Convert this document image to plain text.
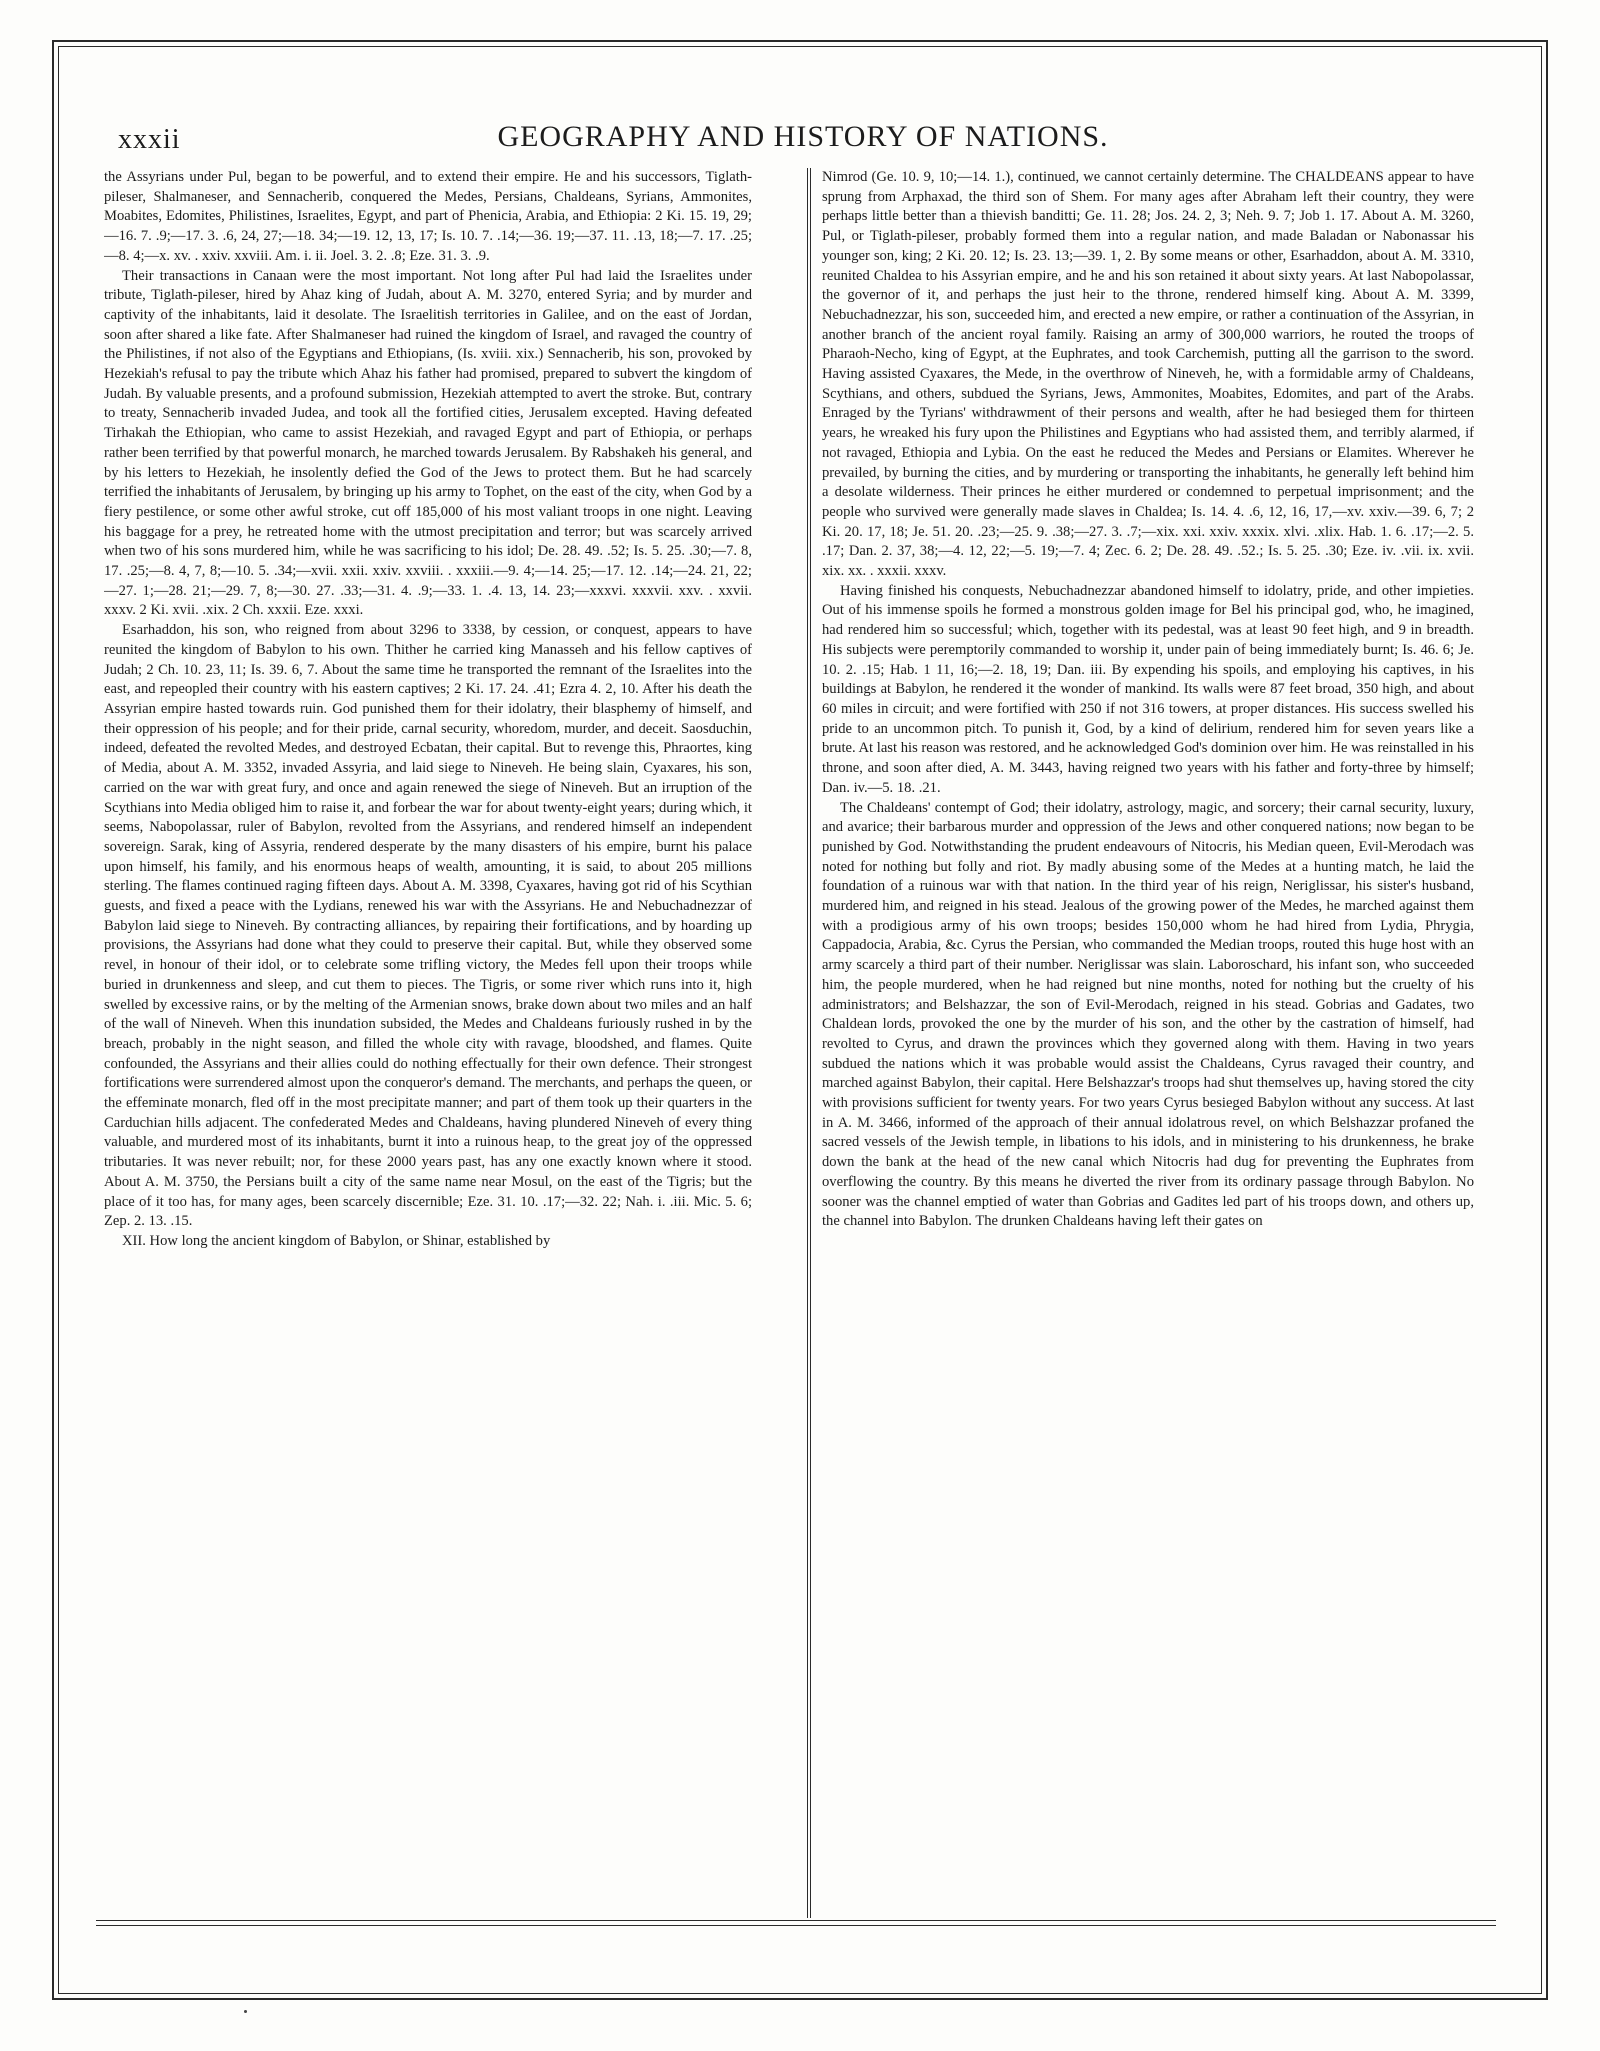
xxxii	GEOGRAPHY AND HISTORY OF NATIONS.

the Assyrians under Pul, began to be powerful, and to extend their empire. He and his successors, Tiglath-pileser, Shalmaneser, and Sennacherib, conquered the Medes, Persians, Chaldeans, Syrians, Ammonites, Moabites, Edomites, Philistines, Israelites, Egypt, and part of Phenicia, Arabia, and Ethiopia: 2 Ki. 15. 19, 29;—16. 7. .9;—17. 3. .6, 24, 27;—18. 34;—19. 12, 13, 17; Is. 10. 7. .14;—36. 19;—37. 11. .13, 18;—7. 17. .25;—8. 4;—x. xv. . xxiv. xxviii. Am. i. ii. Joel. 3. 2. .8; Eze. 31. 3. .9.

Their transactions in Canaan were the most important. Not long after Pul had laid the Israelites under tribute, Tiglath-pileser, hired by Ahaz king of Judah, about A. M. 3270, entered Syria; and by murder and captivity of the inhabitants, laid it desolate. The Israelitish territories in Galilee, and on the east of Jordan, soon after shared a like fate. After Shalmaneser had ruined the kingdom of Israel, and ravaged the country of the Philistines, if not also of the Egyptians and Ethiopians, (Is. xviii. xix.) Sennacherib, his son, provoked by Hezekiah's refusal to pay the tribute which Ahaz his father had promised, prepared to subvert the kingdom of Judah. By valuable presents, and a profound submission, Hezekiah attempted to avert the stroke. But, contrary to treaty, Sennacherib invaded Judea, and took all the fortified cities, Jerusalem excepted. Having defeated Tirhakah the Ethiopian, who came to assist Hezekiah, and ravaged Egypt and part of Ethiopia, or perhaps rather been terrified by that powerful monarch, he marched towards Jerusalem. By Rabshakeh his general, and by his letters to Hezekiah, he insolently defied the God of the Jews to protect them. But he had scarcely terrified the inhabitants of Jerusalem, by bringing up his army to Tophet, on the east of the city, when God by a fiery pestilence, or some other awful stroke, cut off 185,000 of his most valiant troops in one night. Leaving his baggage for a prey, he retreated home with the utmost precipitation and terror; but was scarcely arrived when two of his sons murdered him, while he was sacrificing to his idol; De. 28. 49. .52; Is. 5. 25. .30;—7. 8, 17. .25;—8. 4, 7, 8;—10. 5. .34;—xvii. xxii. xxiv. xxviii. . xxxiii.—9. 4;—14. 25;—17. 12. .14;—24. 21, 22;—27. 1;—28. 21;—29. 7, 8;—30. 27. .33;—31. 4. .9;—33. 1. .4. 13, 14. 23;—xxxvi. xxxvii. xxv. . xxvii. xxxv. 2 Ki. xvii. .xix. 2 Ch. xxxii. Eze. xxxi.

Esarhaddon, his son, who reigned from about 3296 to 3338, by cession, or conquest, appears to have reunited the kingdom of Babylon to his own. Thither he carried king Manasseh and his fellow captives of Judah; 2 Ch. 10. 23, 11; Is. 39. 6, 7. About the same time he transported the remnant of the Israelites into the east, and repeopled their country with his eastern captives; 2 Ki. 17. 24. .41; Ezra 4. 2, 10. After his death the Assyrian empire hasted towards ruin. God punished them for their idolatry, their blasphemy of himself, and their oppression of his people; and for their pride, carnal security, whoredom, murder, and deceit. Saosduchin, indeed, defeated the revolted Medes, and destroyed Ecbatan, their capital. But to revenge this, Phraortes, king of Media, about A. M. 3352, invaded Assyria, and laid siege to Nineveh. He being slain, Cyaxares, his son, carried on the war with great fury, and once and again renewed the siege of Nineveh. But an irruption of the Scythians into Media obliged him to raise it, and forbear the war for about twenty-eight years; during which, it seems, Nabopolassar, ruler of Babylon, revolted from the Assyrians, and rendered himself an independent sovereign. Sarak, king of Assyria, rendered desperate by the many disasters of his empire, burnt his palace upon himself, his family, and his enormous heaps of wealth, amounting, it is said, to about 205 millions sterling. The flames continued raging fifteen days. About A. M. 3398, Cyaxares, having got rid of his Scythian guests, and fixed a peace with the Lydians, renewed his war with the Assyrians. He and Nebuchadnezzar of Babylon laid siege to Nineveh. By contracting alliances, by repairing their fortifications, and by hoarding up provisions, the Assyrians had done what they could to preserve their capital. But, while they observed some revel, in honour of their idol, or to celebrate some trifling victory, the Medes fell upon their troops while buried in drunkenness and sleep, and cut them to pieces. The Tigris, or some river which runs into it, high swelled by excessive rains, or by the melting of the Armenian snows, brake down about two miles and an half of the wall of Nineveh. When this inundation subsided, the Medes and Chaldeans furiously rushed in by the breach, probably in the night season, and filled the whole city with ravage, bloodshed, and flames. Quite confounded, the Assyrians and their allies could do nothing effectually for their own defence. Their strongest fortifications were surrendered almost upon the conqueror's demand. The merchants, and perhaps the queen, or the effeminate monarch, fled off in the most precipitate manner; and part of them took up their quarters in the Carduchian hills adjacent. The confederated Medes and Chaldeans, having plundered Nineveh of every thing valuable, and murdered most of its inhabitants, burnt it into a ruinous heap, to the great joy of the oppressed tributaries. It was never rebuilt; nor, for these 2000 years past, has any one exactly known where it stood. About A. M. 3750, the Persians built a city of the same name near Mosul, on the east of the Tigris; but the place of it too has, for many ages, been scarcely discernible; Eze. 31. 10. .17;—32. 22; Nah. i. .iii. Mic. 5. 6; Zep. 2. 13. .15.

XII. How long the ancient kingdom of Babylon, or Shinar, established by

Nimrod (Ge. 10. 9, 10;—14. 1.), continued, we cannot certainly determine. The CHALDEANS appear to have sprung from Arphaxad, the third son of Shem. For many ages after Abraham left their country, they were perhaps little better than a thievish banditti; Ge. 11. 28; Jos. 24. 2, 3; Neh. 9. 7; Job 1. 17. About A. M. 3260, Pul, or Tiglath-pileser, probably formed them into a regular nation, and made Baladan or Nabonassar his younger son, king; 2 Ki. 20. 12; Is. 23. 13;—39. 1, 2. By some means or other, Esarhaddon, about A. M. 3310, reunited Chaldea to his Assyrian empire, and he and his son retained it about sixty years. At last Nabopolassar, the governor of it, and perhaps the just heir to the throne, rendered himself king. About A. M. 3399, Nebuchadnezzar, his son, succeeded him, and erected a new empire, or rather a continuation of the Assyrian, in another branch of the ancient royal family. Raising an army of 300,000 warriors, he routed the troops of Pharaoh-Necho, king of Egypt, at the Euphrates, and took Carchemish, putting all the garrison to the sword. Having assisted Cyaxares, the Mede, in the overthrow of Nineveh, he, with a formidable army of Chaldeans, Scythians, and others, subdued the Syrians, Jews, Ammonites, Moabites, Edomites, and part of the Arabs. Enraged by the Tyrians' withdrawment of their persons and wealth, after he had besieged them for thirteen years, he wreaked his fury upon the Philistines and Egyptians who had assisted them, and terribly alarmed, if not ravaged, Ethiopia and Lybia. On the east he reduced the Medes and Persians or Elamites. Wherever he prevailed, by burning the cities, and by murdering or transporting the inhabitants, he generally left behind him a desolate wilderness. Their princes he either murdered or condemned to perpetual imprisonment; and the people who survived were generally made slaves in Chaldea; Is. 14. 4. .6, 12, 16, 17,—xv. xxiv.—39. 6, 7; 2 Ki. 20. 17, 18; Je. 51. 20. .23;—25. 9. .38;—27. 3. .7;—xix. xxi. xxiv. xxxix. xlvi. .xlix. Hab. 1. 6. .17;—2. 5. .17; Dan. 2. 37, 38;—4. 12, 22;—5. 19;—7. 4; Zec. 6. 2; De. 28. 49. .52.; Is. 5. 25. .30; Eze. iv. .vii. ix. xvii. xix. xx. . xxxii. xxxv.

Having finished his conquests, Nebuchadnezzar abandoned himself to idolatry, pride, and other impieties. Out of his immense spoils he formed a monstrous golden image for Bel his principal god, who, he imagined, had rendered him so successful; which, together with its pedestal, was at least 90 feet high, and 9 in breadth. His subjects were peremptorily commanded to worship it, under pain of being immediately burnt; Is. 46. 6; Je. 10. 2. .15; Hab. 1 11, 16;—2. 18, 19; Dan. iii. By expending his spoils, and employing his captives, in his buildings at Babylon, he rendered it the wonder of mankind. Its walls were 87 feet broad, 350 high, and about 60 miles in circuit; and were fortified with 250 if not 316 towers, at proper distances. His success swelled his pride to an uncommon pitch. To punish it, God, by a kind of delirium, rendered him for seven years like a brute. At last his reason was restored, and he acknowledged God's dominion over him. He was reinstalled in his throne, and soon after died, A. M. 3443, having reigned two years with his father and forty-three by himself; Dan. iv.—5. 18. .21.

The Chaldeans' contempt of God; their idolatry, astrology, magic, and sorcery; their carnal security, luxury, and avarice; their barbarous murder and oppression of the Jews and other conquered nations; now began to be punished by God. Notwithstanding the prudent endeavours of Nitocris, his Median queen, Evil-Merodach was noted for nothing but folly and riot. By madly abusing some of the Medes at a hunting match, he laid the foundation of a ruinous war with that nation. In the third year of his reign, Neriglissar, his sister's husband, murdered him, and reigned in his stead. Jealous of the growing power of the Medes, he marched against them with a prodigious army of his own troops; besides 150,000 whom he had hired from Lydia, Phrygia, Cappadocia, Arabia, &c. Cyrus the Persian, who commanded the Median troops, routed this huge host with an army scarcely a third part of their number. Neriglissar was slain. Laboroschard, his infant son, who succeeded him, the people murdered, when he had reigned but nine months, noted for nothing but the cruelty of his administrators; and Belshazzar, the son of Evil-Merodach, reigned in his stead. Gobrias and Gadates, two Chaldean lords, provoked the one by the murder of his son, and the other by the castration of himself, had revolted to Cyrus, and drawn the provinces which they governed along with them. Having in two years subdued the nations which it was probable would assist the Chaldeans, Cyrus ravaged their country, and marched against Babylon, their capital. Here Belshazzar's troops had shut themselves up, having stored the city with provisions sufficient for twenty years. For two years Cyrus besieged Babylon without any success. At last in A. M. 3466, informed of the approach of their annual idolatrous revel, on which Belshazzar profaned the sacred vessels of the Jewish temple, in libations to his idols, and in ministering to his drunkenness, he brake down the bank at the head of the new canal which Nitocris had dug for preventing the Euphrates from overflowing the country. By this means he diverted the river from its ordinary passage through Babylon. No sooner was the channel emptied of water than Gobrias and Gadites led part of his troops down, and others up, the channel into Babylon. The drunken Chaldeans having left their gates on
